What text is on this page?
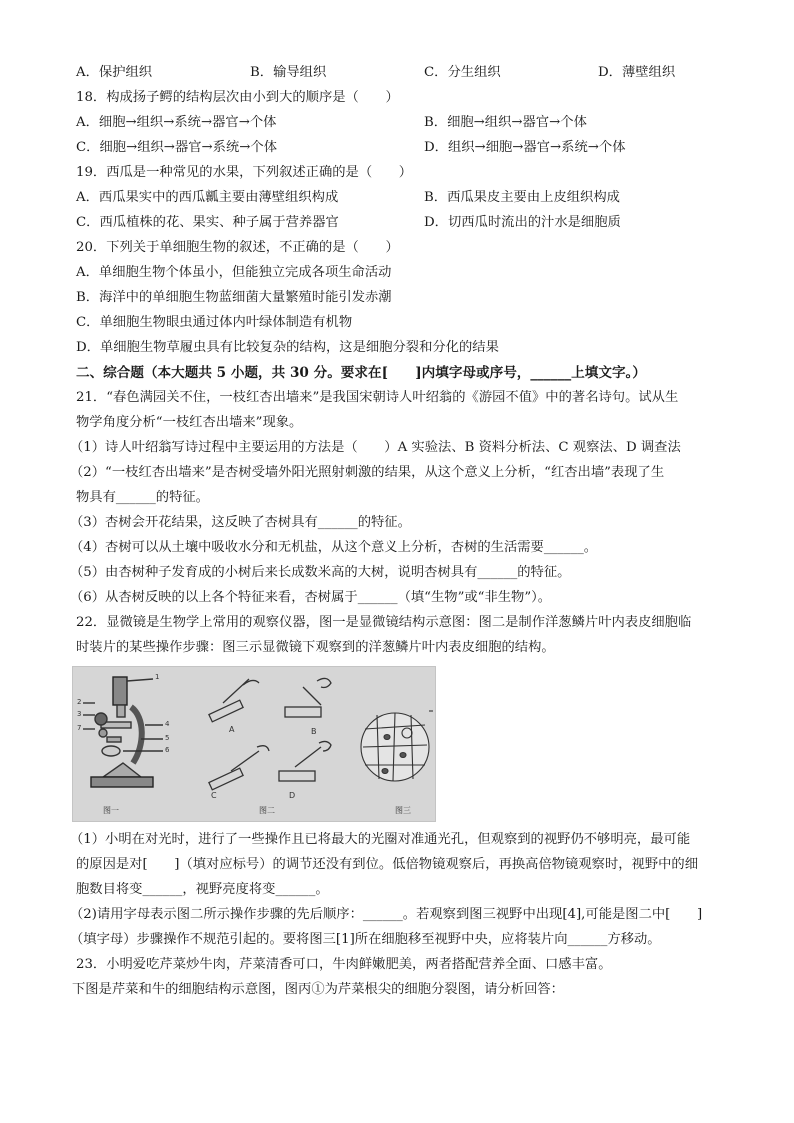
A．保护组织	B．输导组织	C．分生组织	D．薄壁组织
18．构成扬子鳄的结构层次由小到大的顺序是（　　）
A．细胞→组织→系统→器官→个体	B．细胞→组织→器官→个体
C．细胞→组织→器官→系统→个体	D．组织→细胞→器官→系统→个体
19．西瓜是一种常见的水果，下列叙述正确的是（　　）
A．西瓜果实中的西瓜瓤主要由薄壁组织构成	B．西瓜果皮主要由上皮组织构成
C．西瓜植株的花、果实、种子属于营养器官	D．切西瓜时流出的汁水是细胞质
20．下列关于单细胞生物的叙述，不正确的是（　　）
A．单细胞生物个体虽小，但能独立完成各项生命活动
B．海洋中的单细胞生物蓝细菌大量繁殖时能引发赤潮
C．单细胞生物眼虫通过体内叶绿体制造有机物
D．单细胞生物草履虫具有比较复杂的结构，这是细胞分裂和分化的结果
二、综合题（本大题共 5 小题，共 30 分。要求在[　　]内填字母或序号，______上填文字。）
21．“春色满园关不住，一枝红杏出墙来”是我国宋朝诗人叶绍翁的《游园不值》中的著名诗句。试从生
物学角度分析“一枝红杏出墙来”现象。
（1）诗人叶绍翁写诗过程中主要运用的方法是（　　）A 实验法、B 资料分析法、C 观察法、D 调查法
（2）“一枝红杏出墙来”是杏树受墙外阳光照射刺激的结果，从这个意义上分析，“红杏出墙”表现了生
物具有______的特征。
（3）杏树会开花结果，这反映了杏树具有______的特征。
（4）杏树可以从土壤中吸收水分和无机盐，从这个意义上分析，杏树的生活需要______。
（5）由杏树种子发育成的小树后来长成数米高的大树，说明杏树具有______的特征。
（6）从杏树反映的以上各个特征来看，杏树属于______（填“生物”或“非生物”）。
22．显微镜是生物学上常用的观察仪器，图一是显微镜结构示意图：图二是制作洋葱鳞片叶内表皮细胞临
时装片的某些操作步骤：图三示显微镜下观察到的洋葱鳞片叶内表皮细胞的结构。
图一	图二	图三
A	B
C	D
1
2
3
4
5
6
7
（1）小明在对光时，进行了一些操作且已将最大的光圈对准通光孔，但观察到的视野仍不够明亮，最可能
的原因是对[　　]（填对应标号）的调节还没有到位。低倍物镜观察后，再换高倍物镜观察时，视野中的细
胞数目将变______，视野亮度将变______。
（2)请用字母表示图二所示操作步骤的先后顺序：______。若观察到图三视野中出现[4],可能是图二中[　　]
（填字母）步骤操作不规范引起的。要将图三[1]所在细胞移至视野中央，应将装片向______方移动。
23．小明爱吃芹菜炒牛肉，芹菜清香可口，牛肉鲜嫩肥美，两者搭配营养全面、口感丰富。
下图是芹菜和牛的细胞结构示意图，图丙①为芹菜根尖的细胞分裂图，请分析回答：
